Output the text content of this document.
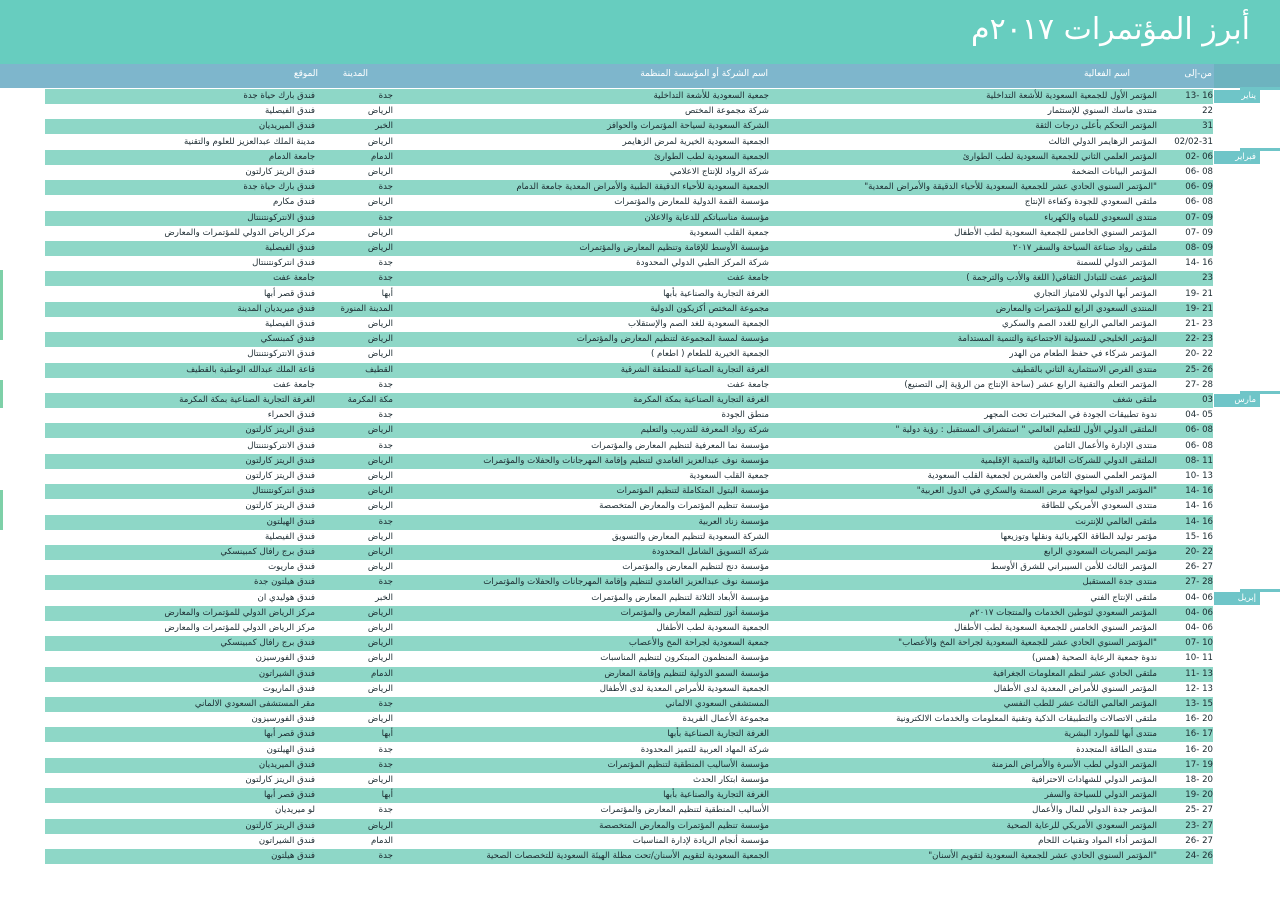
أبرز المؤتمرات ٢٠١٧م
من-إلى
اسم الفعالية
اسم الشركة أو المؤسسة المنظمة
المدينة
الموقع
13- 16
المؤتمر الأول للجمعية السعودية للأشعة التداخلية
جمعية السعودية للأشعة التداخلية
جدة
فندق بارك حياة جدة
22
منتدى ماسك السنوي للإستثمار
شركة مجموعة المختص
الرياض
فندق الفيصلية
31
المؤتمر التحكم بأعلى درجات الثقة
الشركة السعودية لسياحة المؤتمرات والحوافز
الخبر
فندق الميريديان
02/02-31
المؤتمر الزهايمر الدولي الثالث
الجمعية السعودية الخيرية لمرض الزهايمر
الرياض
مدينة الملك عبدالعزيز للعلوم والتقنية
02- 06
المؤتمر العلمي الثاني للجمعية السعودية لطب الطوارئ
الجمعية السعودية لطب الطوارئ
الدمام
جامعة الدمام
06- 08
المؤتمر البيانات الضخمة
شركة الرواد للإنتاج الاعلامي
الرياض
فندق الريتز كارلتون
06- 09
"المؤتمر السنوي الحادي عشر للجمعية السعودية للأحياء الدقيقة والأمراض المعدية"
الجمعية السعودية للأحياء الدقيقة الطبية والأمراض المعدية جامعة الدمام
جدة
فندق بارك حياة جدة
06- 08
ملتقى السعودي للجودة وكفاءة الإنتاج
مؤسسة القمة الدولية للمعارض والمؤتمرات
الرياض
فندق مكارم
07- 09
منتدى السعودي للمياه والكهرباء
مؤسسة مناسباتكم للدعاية والاعلان
جدة
فندق الانتركونتننتال
07- 09
المؤتمر السنوي الخامس للجمعية السعودية لطب الأطفال
جمعية القلب السعودية
الرياض
مركز الرياض الدولي للمؤتمرات والمعارض
08- 09
ملتقى رواد صناعة السياحة والسفر ٢٠١٧
مؤسسة الأوسط للإقامة وتنظيم المعارض والمؤتمرات
الرياض
فندق الفيصلية
14- 16
المؤتمر الدولي للسمنة
شركة المركز الطبي الدولي المحدودة
جدة
فندق انتركونتننتال
23
المؤتمر عفت للتبادل الثقافي( اللغة والأدب والترجمة )
جامعة عفت
جدة
جامعة عفت
19- 21
المؤتمر أبها الدولي للامتياز التجاري
الغرفة التجارية والصناعية بأبها
أبها
فندق قصر أبها
19- 21
المنتدى السعودي الرابع للمؤتمرات والمعارض
مجموعة المختص أكزيكون الدولية
المدينة المنورة
فندق ميريديان المدينة
21- 23
المؤتمر العالمي الرابع للغدد الصم والسكري
الجمعية السعودية للغد الصم والإستقلاب
الرياض
فندق الفيصلية
22- 23
المؤتمر الخليجي للمسؤلية الاجتماعية والتنمية المستدامة
مؤسسة لمسة المجموعة لتنظيم المعارض والمؤتمرات
الرياض
فندق كمبنسكي
20- 22
المؤتمر شركاء في حفظ الطعام من الهدر
الجمعية الخيرية للطعام ( اطعام )
الرياض
فندق الانتركونتننتال
25- 26
منتدى الفرص الاستثمارية الثاني بالقطيف
الغرفة التجارية الصناعية للمنطقة الشرقية
القطيف
قاعة الملك عبدالله الوطنية بالقطيف
27- 28
المؤتمر التعلم والتقنية الرابع عشر (ساحة الإنتاج من الرؤية إلى التصنيع)
جامعة عفت
جدة
جامعة عفت
03
ملتقى شغف
الغرفة التجارية الصناعية بمكة المكرمة
مكة المكرمة
الغرفة التجارية الصناعية بمكة المكرمة
04- 05
ندوة تطبيقات الجودة في المختبرات تحت المجهر
منطق الجودة
جدة
فندق الحمراء
06- 08
الملتقى الدولي الأول للتعليم العالمي " استشراف المستقبل : رؤية دولية "
شركة رواد المعرفة للتدريب والتعليم
الرياض
فندق الريتز كارلتون
06- 08
منتدى الإدارة والأعمال الثامن
مؤسسة نما المعرفية لتنظيم المعارض والمؤتمرات
جدة
فندق الانتركونتننتال
08- 11
الملتقى الدولي للشركات العائلية والتنمية الإقليمية
مؤسسة نوف عبدالعزيز الغامدي لتنظيم وإقامة المهرجانات والحفلات والمؤتمرات
الرياض
فندق الريتز كارلتون
10- 13
المؤتمر العلمي السنوي الثامن والعشرين لجمعية القلب السعودية
جمعية القلب السعودية
الرياض
فندق الريتز كارلتون
14- 16
"المؤتمر الدولي لمواجهة مرض السمنة والسكري في الدول العربية"
مؤسسة البتول المتكاملة لتنظيم المؤتمرات
الرياض
فندق انتركونتننتال
14- 16
منتدى السعودي الأمريكي للطاقة
مؤسسة تنظيم المؤتمرات والمعارض المتخصصة
الرياض
فندق الريتز كارلتون
14- 16
ملتقى العالمي للإنترنت
مؤسسة زناد العربية
جدة
فندق الهيلتون
15- 16
مؤتمر توليد الطاقة الكهربائية ونقلها وتوزيعها
الشركة السعودية لتنظيم المعارض والتسويق
الرياض
فندق الفيصلية
20- 22
مؤتمر البصريات السعودي الرابع
شركة التسويق الشامل المحدودة
الرياض
فندق برج رافال كمبينسكي
26- 27
المؤتمر الثالث للأمن السيبراني للشرق الأوسط
مؤسسة دنج لتنظيم المعارض والمؤتمرات
الرياض
فندق ماريوت
27- 28
منتدى جدة المستقبل
مؤسسة نوف عبدالعزيز الغامدي لتنظيم وإقامة المهرجانات والحفلات والمؤتمرات
جدة
فندق هيلتون جدة
04- 06
ملتقى الإنتاج الفني
مؤسسة الأبعاد الثلاثة لتنظيم المعارض والمؤتمرات
الخبر
فندق هوليدي ان
04- 06
المؤتمر السعودي لتوطين الخدمات والمنتجات ٢٠١٧م
مؤسسة أتوز لتنظيم المعارض والمؤتمرات
الرياض
مركز الرياض الدولي للمؤتمرات والمعارض
04- 06
المؤتمر السنوي الخامس للجمعية السعودية لطب الأطفال
الجمعية السعودية لطب الأطفال
الرياض
مركز الرياض الدولي للمؤتمرات والمعارض
07- 10
"المؤتمر السنوي الحادي عشر للجمعية السعودية لجراحة المخ والأعصاب"
جمعية السعودية لجراحة المخ والأعصاب
الرياض
فندق برج رافال كمبينسكي
10- 11
ندوة جمعية الرعاية الصحية (همس)
مؤسسة المنظمون المبتكرون لتنظيم المناسبات
الرياض
فندق الفورسيزن
11- 13
ملتقى الحادي عشر لنظم المعلومات الجغرافية
مؤسسة السمو الدولية لتنظيم وإقامة المعارض
الدمام
فندق الشيراتون
12- 13
المؤتمر السنوي للأمراض المعدية لدى الأطفال
الجمعية السعودية للأمراض المعدية لدى الأطفال
الرياض
فندق الماريوت
13- 15
المؤتمر العالمي الثالث عشر للطب النفسي
المستشفى السعودي الالماني
جدة
مقر المستشفى السعودي الالماني
16- 20
ملتقى الاتصالات والتطبيقات الذكية وتقنية المعلومات والخدمات الالكترونية
مجموعة الأعمال الفريدة
الرياض
فندق الفورسيزون
16- 17
منتدى أبها للموارد البشرية
الغرفة التجارية الصناعية بأبها
أبها
فندق قصر أبها
16- 20
منتدى الطاقة المتجددة
شركة المهاد العربية للتميز المحدودة
جدة
فندق الهيلتون
17- 19
المؤتمر الدولي لطب الأسرة والأمراض المزمنة
مؤسسة الأساليب المنطقية لتنظيم المؤتمرات
جدة
فندق الميريديان
18- 20
المؤتمر الدولي للشهادات الاحترافية
مؤسسة ابتكار الحدث
الرياض
فندق الريتز كارلتون
19- 20
المؤتمر الدولي للسياحة والسفر
الغرفة التجارية والصناعية بأبها
أبها
فندق قصر أبها
25- 27
المؤتمر جدة الدولي للمال والأعمال
الأساليب المنطقية لتنظيم المعارض والمؤتمرات
جدة
لو ميريديان
23- 27
المؤتمر السعودي الأمريكي للرعاية الصحية
مؤسسة تنظيم المؤتمرات والمعارض المتخصصة
الرياض
فندق الريتز كارلتون
26- 27
المؤتمر أداء المواد وتقنيات اللحام
مؤسسة أنجام الريادة لإدارة المناسبات
الدمام
فندق الشيراتون
24- 26
"المؤتمر السنوي الحادي عشر للجمعية السعودية لتقويم الأسنان"
الجمعية السعودية لتقويم الأسنان/تحت مظلة الهيئة السعودية للتخصصات الصحية
جدة
فندق هيلتون
يناير
فبراير
مارس
إبريل
